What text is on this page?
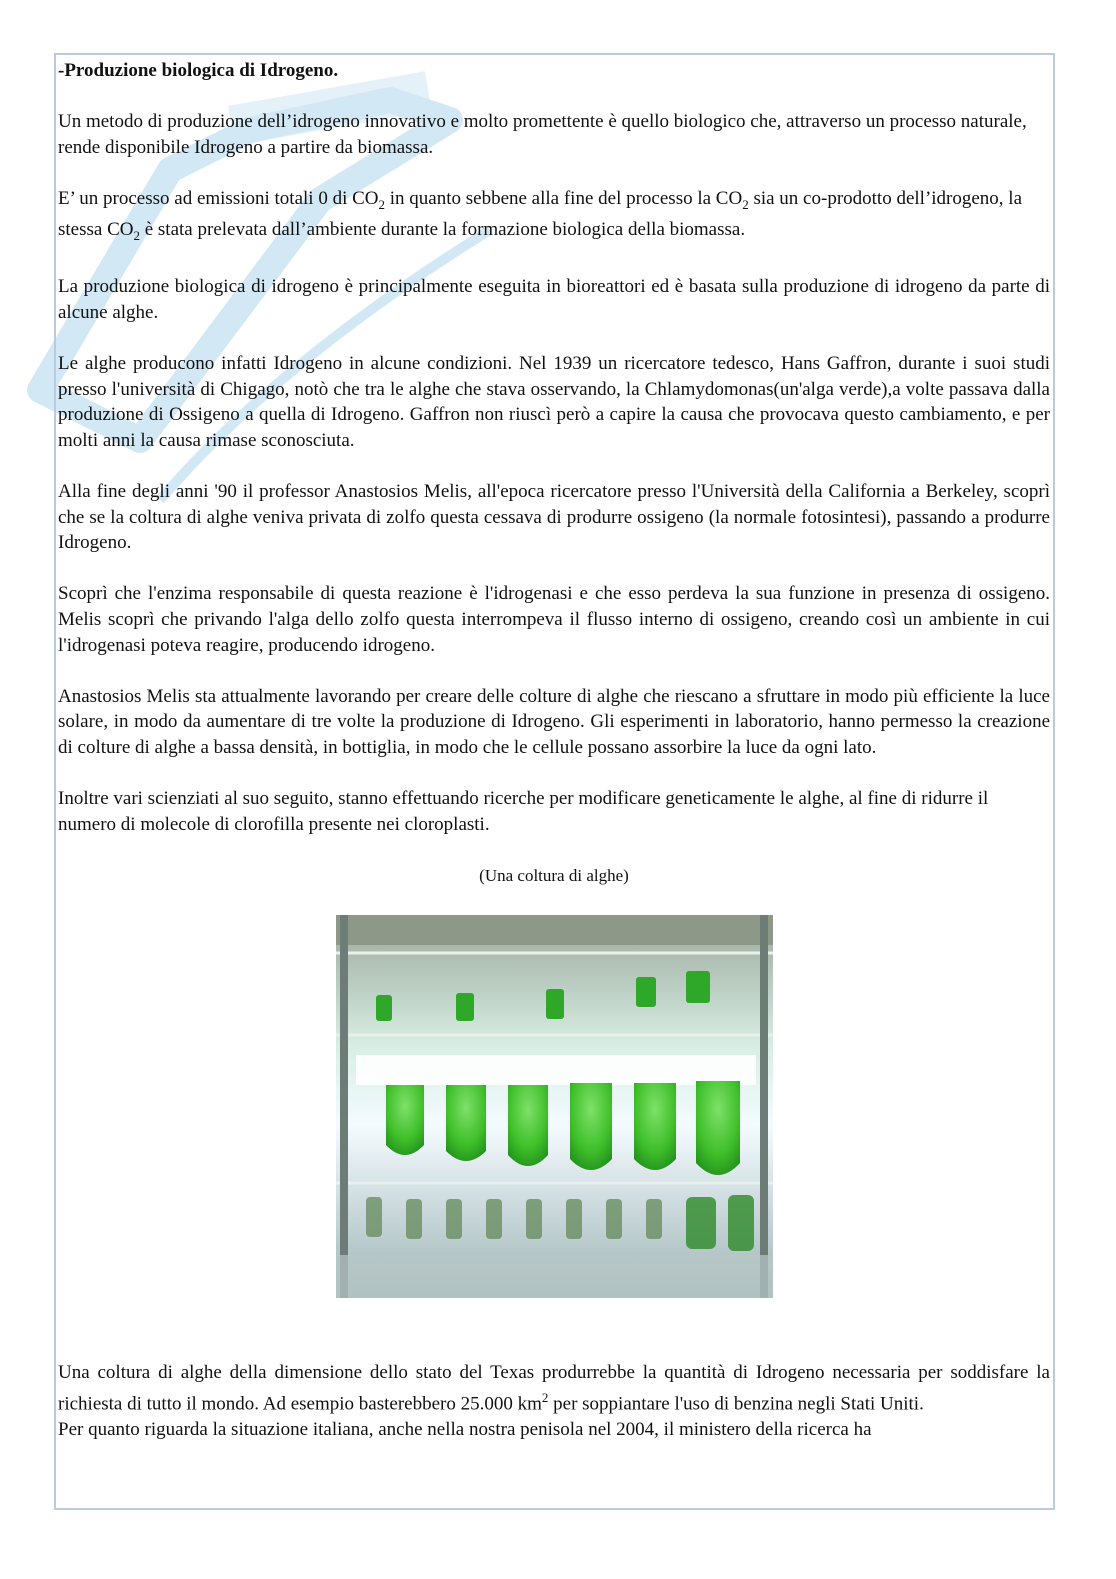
-Produzione biologica di Idrogeno.

Un metodo di produzione dell’idrogeno innovativo e molto promettente è quello biologico che, attraverso un processo naturale, rende disponibile Idrogeno a partire da biomassa.

E’ un processo ad emissioni totali 0 di $CO_2$ in quanto sebbene alla fine del processo la $CO_2$ sia un co-prodotto dell’idrogeno, la stessa $CO_2$ è stata prelevata dall’ambiente durante la formazione biologica della biomassa.

La produzione biologica di idrogeno è principalmente eseguita in bioreattori ed è basata sulla produzione di idrogeno da parte di alcune alghe.

Le alghe producono infatti Idrogeno in alcune condizioni. Nel 1939 un ricercatore tedesco, Hans Gaffron, durante i suoi studi presso l'università di Chigago, notò che tra le alghe che stava osservando, la Chlamydomonas(un'alga verde),a volte passava dalla produzione di Ossigeno a quella di Idrogeno. Gaffron non riuscì però a capire la causa che provocava questo cambiamento, e per molti anni la causa rimase sconosciuta.

Alla fine degli anni '90 il professor Anastosios Melis, all'epoca ricercatore presso l'Università della California a Berkeley, scoprì che se la coltura di alghe veniva privata di zolfo questa cessava di produrre ossigeno (la normale fotosintesi), passando a produrre Idrogeno.

Scoprì che l'enzima responsabile di questa reazione è l'idrogenasi e che esso perdeva la sua funzione in presenza di ossigeno. Melis scoprì che privando l'alga dello zolfo questa interrompeva il flusso interno di ossigeno, creando così un ambiente in cui l'idrogenasi poteva reagire, producendo idrogeno.

Anastosios Melis sta attualmente lavorando per creare delle colture di alghe che riescano a sfruttare in modo più efficiente la luce solare, in modo da aumentare di tre volte la produzione di Idrogeno. Gli esperimenti in laboratorio, hanno permesso la creazione di colture di alghe a bassa densità, in bottiglia, in modo che le cellule possano assorbire la luce da ogni lato.

Inoltre vari scienziati al suo seguito, stanno effettuando ricerche per modificare geneticamente le alghe, al fine di ridurre il numero di molecole di clorofilla presente nei cloroplasti.

(Una coltura di alghe)

Una coltura di alghe della dimensione dello stato del Texas produrrebbe la quantità di Idrogeno necessaria per soddisfare la richiesta di tutto il mondo. Ad esempio basterebbero 25.000 $km^2$ per soppiantare l'uso di benzina negli Stati Uniti.

Per quanto riguarda la situazione italiana, anche nella nostra penisola nel 2004, il ministero della ricerca ha
